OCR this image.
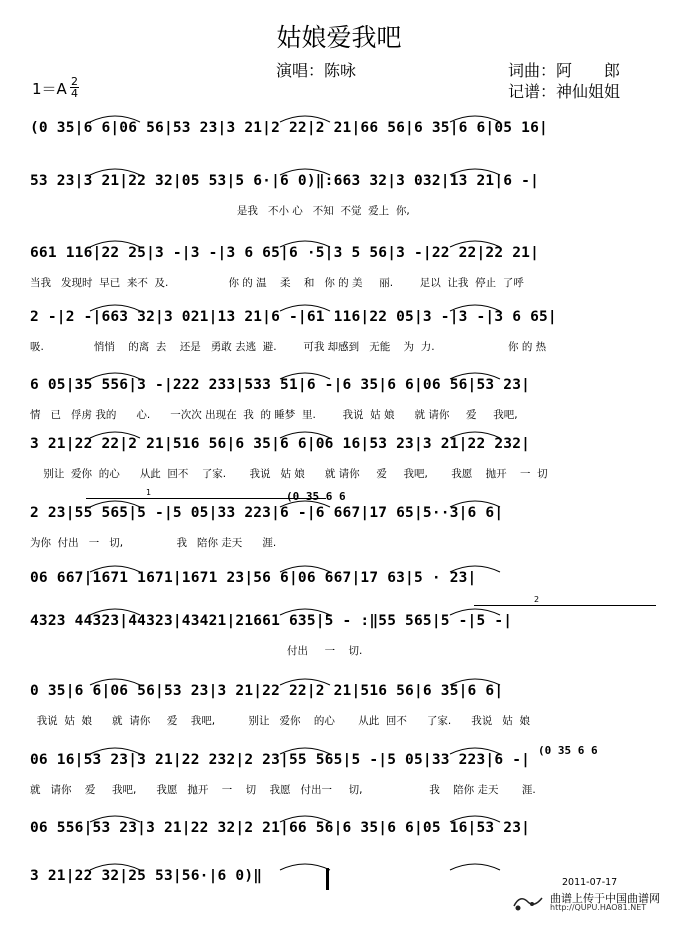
姑娘爱我吧
演唱：陈咏	词曲：阿　　郎
记谱：神仙姐姐
1＝A 2
4
(0 35 6 6
(0 35 6 6
1
2
(0 35|6 6|06 56|53 23|3 21|2 22|2 21|66 56|6 35|6 6|05 16|
53 23|3 21|22 32|05 53|5 6·|6 0)‖:663 32|3 032|13 21|6 -|
是我   不小 心   不知  不觉  爱上  你,
661 116|22 25|3 -|3 -|3 6 65|6 ·5|3 5 56|3 -|22 22|22 21|
当我   发现时  早已  来不  及.                  你 的 温    柔    和   你 的 美     丽.        足以  让我  停止  了呼
2 -|2 -|663 32|3 021|13 21|6 -|61 116|22 05|3 -|3 -|3 6 65|
吸.               悄悄    的离  去    还是   勇敢 去逃  避.        可我 却感到   无能    为  力.                      你 的 热
6 05|35 556|3 -|222 233|533 51|6 -|6 35|6 6|06 56|53 23|
情   已   俘虏 我的      心.      一次次 出现在  我  的 睡梦  里.        我说  姑 娘      就 请你     爱     我吧,
3 21|22 22|2 21|516 56|6 35|6 6|06 16|53 23|3 21|22 232|
别让  爱你  的心      从此  回不    了家.       我说   姑 娘      就 请你     爱     我吧,       我愿    抛开    一  切
2 23|55 565|5 -|5 05|33 223|6 -|6 667|17 65|5··3|6 6|
为你  付出   一   切,                我   陪你 走天      涯.
06 667|1671 1671|1671 23|56 6|06 667|17 63|5 · 23|
4323 44323|44323|43421|21661 635|5 - :‖55 565|5 -|5 -|
付出     一    切.
0 35|6 6|06 56|53 23|3 21|22 22|2 21|516 56|6 35|6 6|
我说  姑  娘      就  请你     爱    我吧,          别让   爱你    的心       从此  回不      了家.      我说   姑  娘
06 16|53 23|3 21|22 232|2 23|55 565|5 -|5 05|33 223|6 -|
就   请你    爱     我吧,      我愿   抛开    一    切    我愿   付出一     切,                    我    陪你 走天       涯.
06 556|53 23|3 21|22 32|2 21|66 56|6 35|6 6|05 16|53 23|
3 21|22 32|25 53|56·|6 0)‖	2011-07-17
曲谱上传于中国曲谱网
http://QUPU.HAO81.NET
